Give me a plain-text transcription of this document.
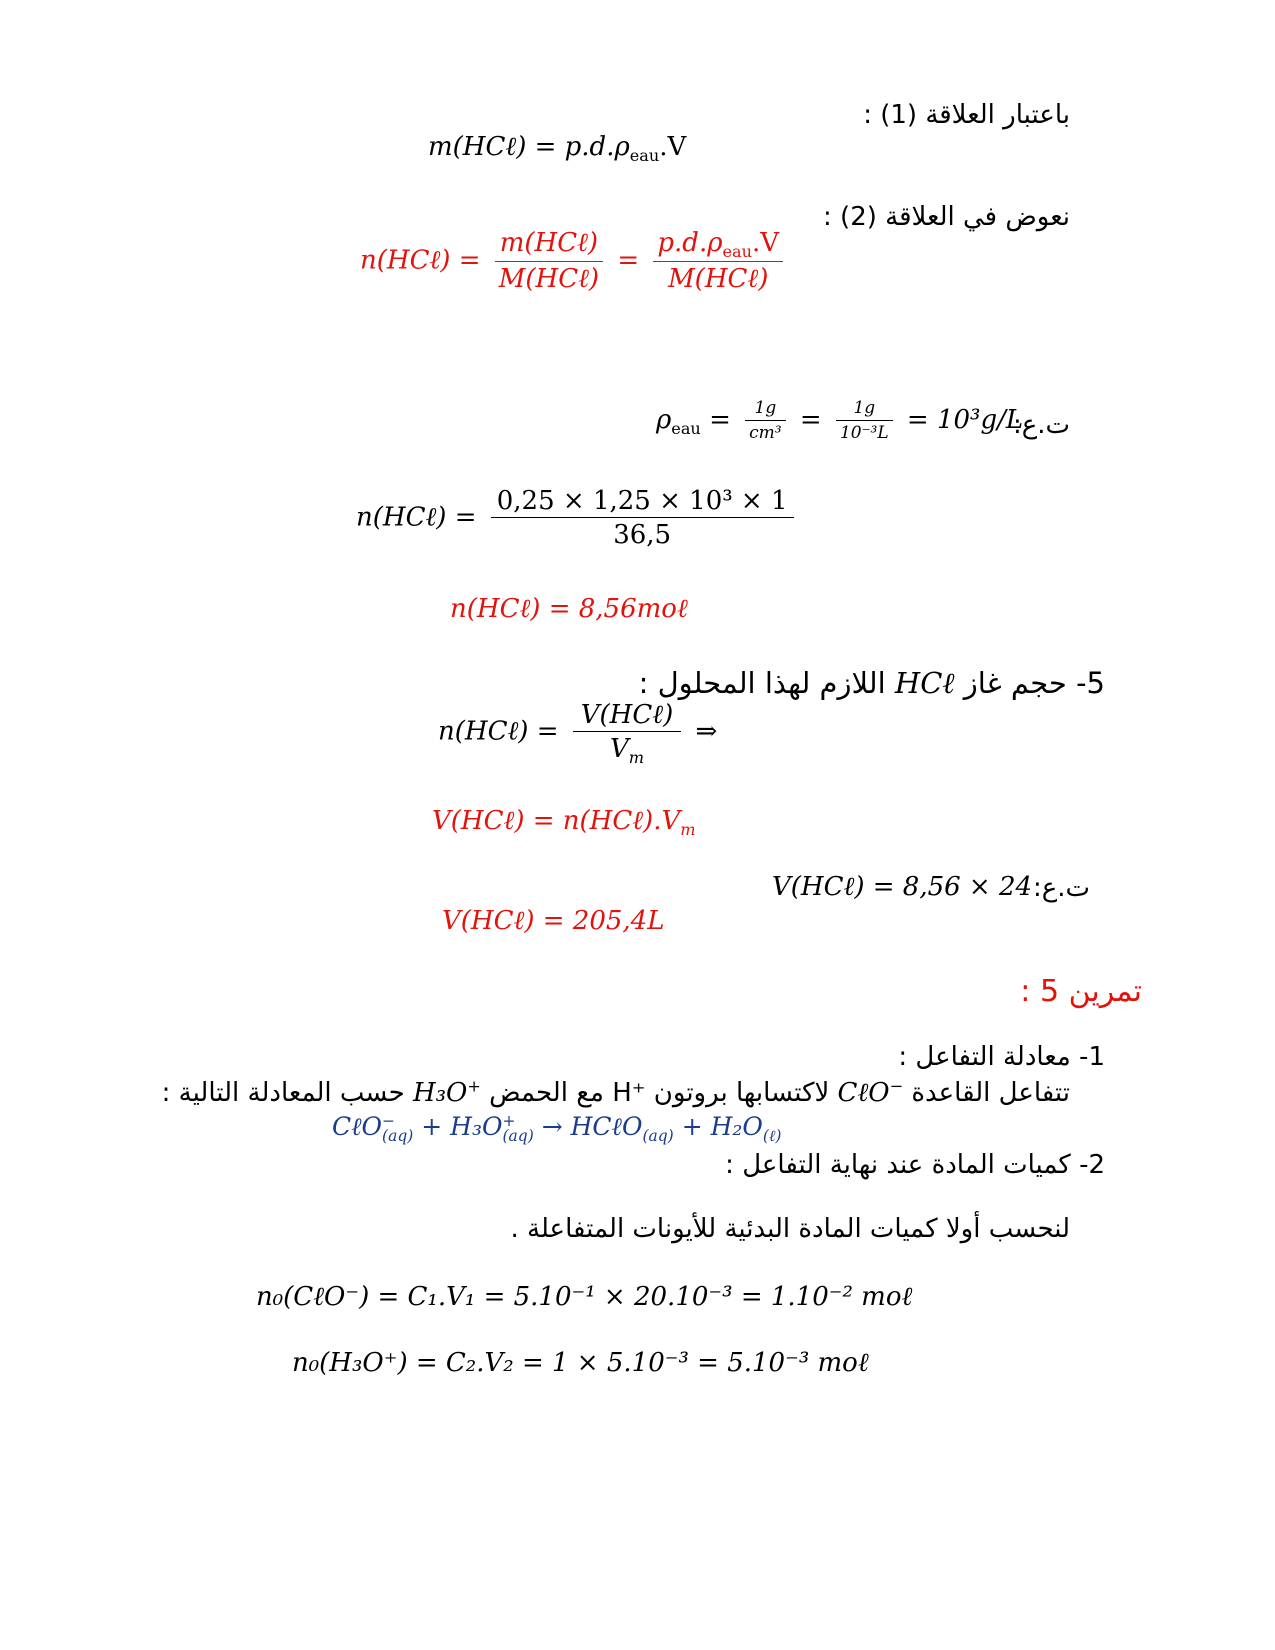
باعتبار العلاقة (1) :
m(HCℓ) = $p.d.\rho_{eau}.V$
نعوض في العلاقة (2) :
n(HCℓ) = $\frac{\text{m(HCℓ)}}{\text{M(HCℓ)}} = \frac{p.d.\rho_{eau}.V}{\text{M(HCℓ)}}$
ت.ع:
$\rho_{eau} = \frac{1g}{\text{cm³}} = \frac{1g}{\text{10⁻³L}} = 10^3g/L$
n(HCℓ) = $\frac{\text{0,25 × 1,25 × 10³ × 1}}{36,5}$
n(HCℓ) = 8,56moℓ
5- حجم غاز HCℓ اللازم لهذا المحلول :
n(HCℓ) = $\frac{\text{V(HCℓ)}}{V_m}$ ⇒
V(HCℓ) = $n(HC\ell).V_m$
ت.ع:
V(HCℓ) = 8,56 × 24
V(HCℓ) = 205,4L
تمرين 5 :
1- معادلة التفاعل :
تتفاعل القاعدة CℓO− لاكتسابها بروتون H⁺ مع الحمض H₃O+ حسب المعادلة التالية :
CℓO −
(aq) + H₃O +
(aq) → HCℓO$_{(aq)}$ + $H_2O_{(\ell)}$
2- كميات المادة عند نهاية التفاعل :
لنحسب أولا كميات المادة البدئية للأيونات المتفاعلة .
n₀(CℓO⁻) = C₁.V₁ = 5.10⁻¹ × 20.10⁻³ = 1.10⁻² moℓ
n₀(H₃O⁺) = C₂.V₂ = 1 × 5.10⁻³ = 5.10⁻³ moℓ
